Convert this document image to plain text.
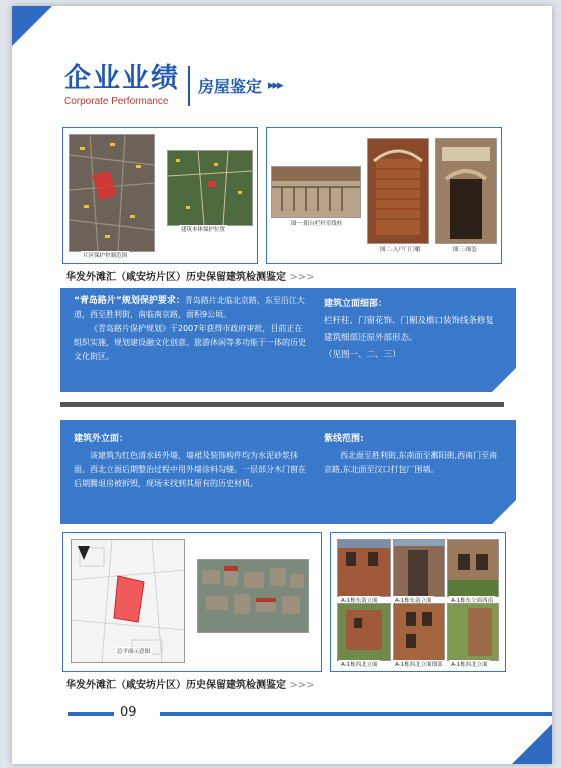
企业业绩
Corporate Performance
房屋鉴定 ▸▸▸
片区保护控制范围
建筑本体保护位置
图一:阳台栏杆室线柱
图二:入户门门楣	图三:细套
华发外滩汇（咸安坊片区）历史保留建筑检测鉴定 >>>
“青岛路片”规划保护要求：青岛路片北临北京路，东至沿江大道，西至胜利街，南临南京路，面积9公顷。
《青岛路片保护规划》于2007年获得市政府审批，目前正在组织实施，规划建设融文化创意、旅游休闲等多功能于一体的历史文化街区。
建筑立面细部：
栏杆柱、门窗花饰、门楣及檐口装饰线条修复建筑细部还原外部形态。
（见图一、二、三）
建筑外立面：
该建筑为红色清水砖外墙，墙裙及装饰构件均为水泥砂浆抹面。西北立面后期整治过程中用外墙涂料勾缝。一层部分木门窗在后期腾退房被拆毁，现场未找到其原有的历史材质。
紫线范围:
西北面至胜利街,东南面至鄱阳街,西南门至南京路,东北面至汉口打包厂围墙。
总平面示意图
A-1栋东南立面	A-1栋东南立面	A-1栋东立面西南
A-1栋西北立面	A-1栋西北立面细部	A-1栋西北立面
华发外滩汇（咸安坊片区）历史保留建筑检测鉴定 >>>
09
